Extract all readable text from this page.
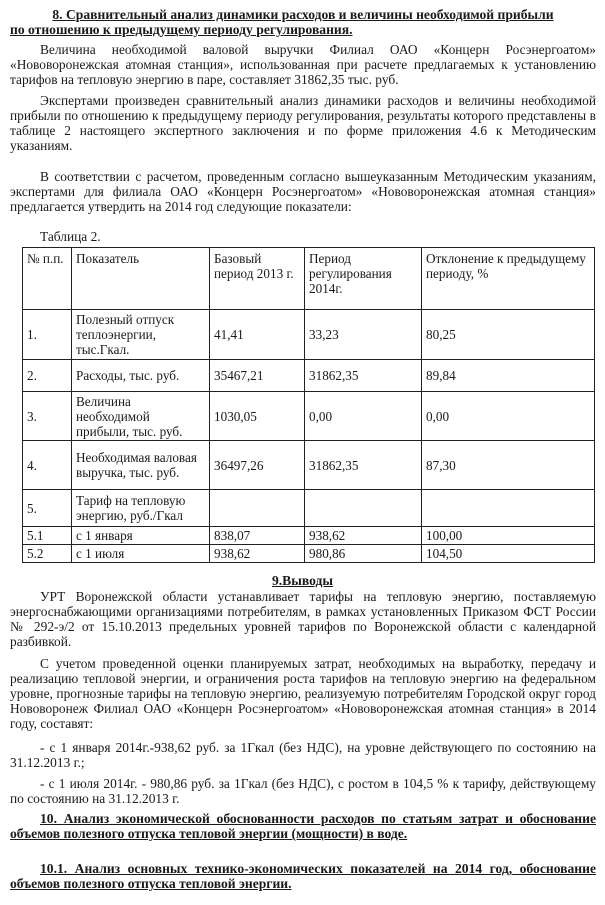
8. Сравнительный анализ динамики расходов и величины необходимой прибыли
по отношению к предыдущему периоду регулирования.
Величина необходимой валовой выручки Филиал ОАО «Концерн Росэнергоатом» «Нововоронежская атомная станция», использованная при расчете предлагаемых к установлению тарифов на тепловую энергию в паре, составляет 31862,35 тыс. руб.
Экспертами произведен сравнительный анализ динамики расходов и величины необходимой прибыли по отношению к предыдущему периоду регулирования, результаты которого представлены в таблице 2 настоящего экспертного заключения и по форме приложения 4.6 к Методическим указаниям.
В соответствии с расчетом, проведенным согласно вышеуказанным Методическим указаниям, экспертами для филиала ОАО «Концерн Росэнергоатом» «Нововоронежская атомная станция» предлагается утвердить на 2014 год следующие показатели:
Таблица 2.
№ п.п.	Показатель	Базовый период 2013 г.	Период регулирования 2014г.	Отклонение к предыдущему периоду, %
1.	Полезный отпуск теплоэнергии, тыс.Гкал.	41,41	33,23	80,25
2.	Расходы, тыс. руб.	35467,21	31862,35	89,84
3.	Величина необходимой прибыли, тыс. руб.	1030,05	0,00	0,00
4.	Необходимая валовая выручка, тыс. руб.	36497,26	31862,35	87,30
5.	Тариф на тепловую энергию, руб./Гкал			
5.1	с 1 января	838,07	938,62	100,00
5.2	с 1 июля	938,62	980,86	104,50
9.Выводы
УРТ Воронежской области устанавливает тарифы на тепловую энергию, поставляемую энергоснабжающими организациями потребителям, в рамках установленных Приказом ФСТ России № 292-э/2 от 15.10.2013 предельных уровней тарифов по Воронежской области с календарной разбивкой.
С учетом проведенной оценки планируемых затрат, необходимых на выработку, передачу и реализацию тепловой энергии, и ограничения роста тарифов на тепловую энергию на федеральном уровне, прогнозные тарифы на тепловую энергию, реализуемую потребителям Городской округ город Нововоронеж Филиал ОАО «Концерн Росэнергоатом» «Нововоронежская атомная станция» в 2014 году, составят:
- с 1 января 2014г.-938,62 руб. за 1Гкал (без НДС), на уровне действующего по состоянию на 31.12.2013 г.;
- с 1 июля 2014г. - 980,86 руб. за 1Гкал (без НДС), с ростом в 104,5 % к тарифу, действующему по состоянию на 31.12.2013 г.
10. Анализ экономической обоснованности расходов по статьям затрат и обоснование объемов полезного отпуска тепловой энергии (мощности) в воде.
10.1. Анализ основных технико-экономических показателей на 2014 год, обоснование объемов полезного отпуска тепловой энергии.
